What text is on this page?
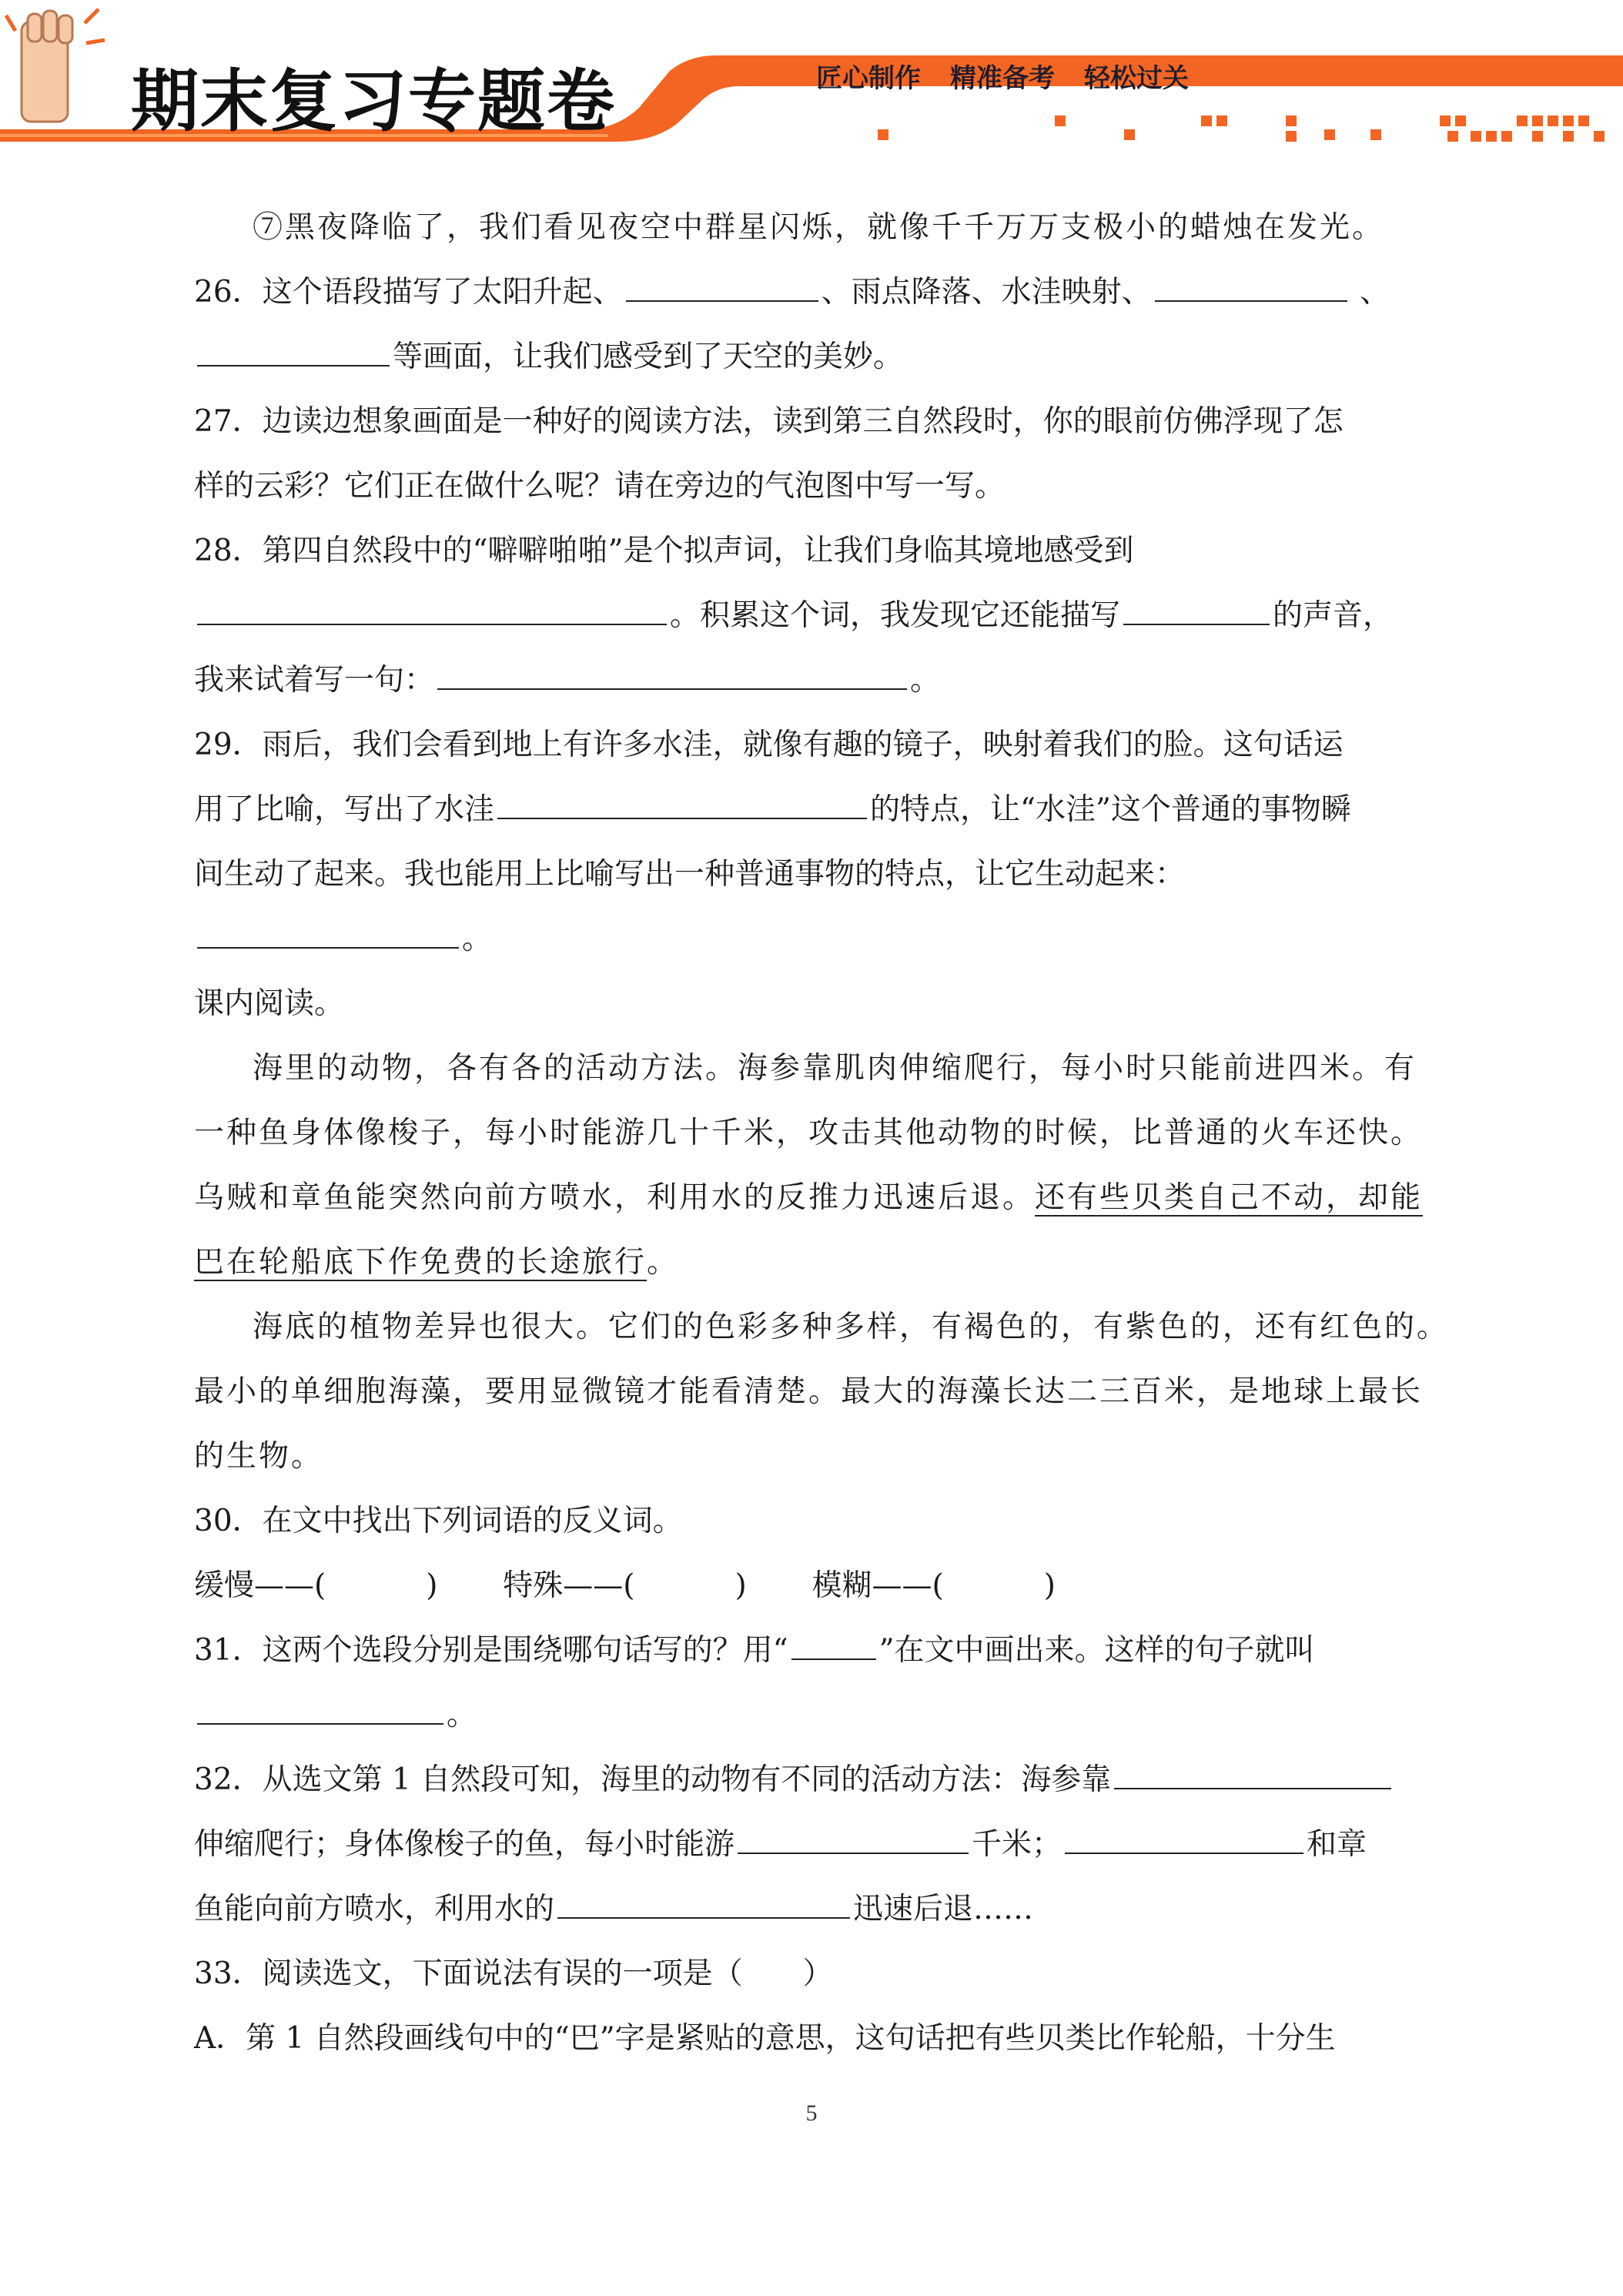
期末复习专题卷	匠心制作 精准备考 轻松过关
⑦黑夜降临了，我们看见夜空中群星闪烁，就像千千万万支极小的蜡烛在发光。
26．这个语段描写了太阳升起、	、雨点降落、水洼映射、	、
等画面，让我们感受到了天空的美妙。
27．边读边想象画面是一种好的阅读方法，读到第三自然段时，你的眼前仿佛浮现了怎
样的云彩？它们正在做什么呢？请在旁边的气泡图中写一写。
28．第四自然段中的“噼噼啪啪”是个拟声词，让我们身临其境地感受到
。积累这个词，我发现它还能描写	的声音，
我来试着写一句：	。
29．雨后，我们会看到地上有许多水洼，就像有趣的镜子，映射着我们的脸。这句话运
用了比喻，写出了水洼	的特点，让“水洼”这个普通的事物瞬
间生动了起来。我也能用上比喻写出一种普通事物的特点，让它生动起来：
。
课内阅读。
海里的动物，各有各的活动方法。海参靠肌肉伸缩爬行，每小时只能前进四米。有
一种鱼身体像梭子，每小时能游几十千米，攻击其他动物的时候，比普通的火车还快。
乌贼和章鱼能突然向前方喷水，利用水的反推力迅速后退。还有些贝类自己不动，却能
巴在轮船底下作免费的长途旅行。
海底的植物差异也很大。它们的色彩多种多样，有褐色的，有紫色的，还有红色的。
最小的单细胞海藻，要用显微镜才能看清楚。最大的海藻长达二三百米，是地球上最长
的生物。
30．在文中找出下列词语的反义词。
缓慢——(	) 特殊——(	) 模糊——(	)
31．这两个选段分别是围绕哪句话写的？用“	”在文中画出来。这样的句子就叫
。
32．从选文第 1 自然段可知，海里的动物有不同的活动方法：海参靠
伸缩爬行；身体像梭子的鱼，每小时能游	千米；	和章
鱼能向前方喷水，利用水的	迅速后退……
33．阅读选文，下面说法有误的一项是（　　）
A．第 1 自然段画线句中的“巴”字是紧贴的意思，这句话把有些贝类比作轮船，十分生
5
